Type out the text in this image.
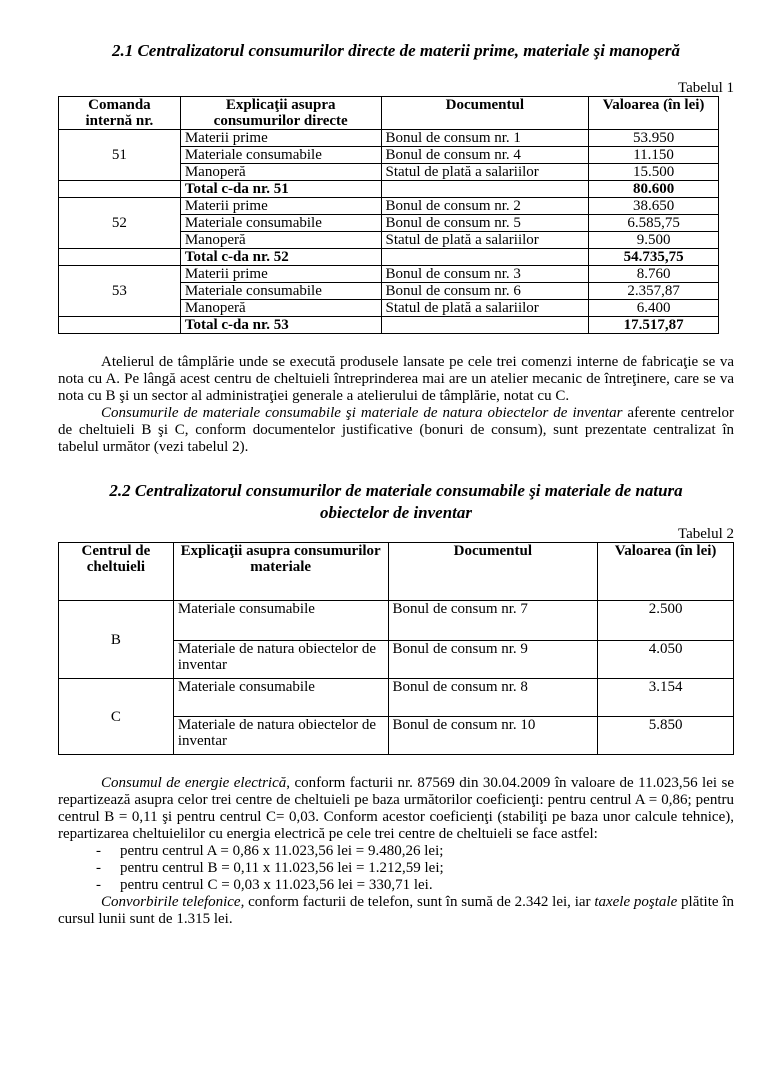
2.1 Centralizatorul consumurilor directe de materii prime, materiale şi manoperă
Tabelul 1
Comanda internă nr.	Explicaţii asupra consumurilor directe	Documentul	Valoarea (în lei)
51	Materii prime	Bonul de consum nr. 1	53.950
	Materiale consumabile	Bonul de consum nr. 4	11.150
	Manoperă	Statul de plată a salariilor	15.500
	Total c-da nr. 51		80.600
52	Materii prime	Bonul de consum nr. 2	38.650
	Materiale consumabile	Bonul de consum nr. 5	6.585,75
	Manoperă	Statul de plată a salariilor	9.500
	Total c-da nr. 52		54.735,75
53	Materii prime	Bonul de consum nr. 3	8.760
	Materiale consumabile	Bonul de consum nr. 6	2.357,87
	Manoperă	Statul de plată a salariilor	6.400
	Total c-da nr. 53		17.517,87

Atelierul de tâmplărie unde se execută produsele lansate pe cele trei comenzi interne de fabricaţie se va nota cu A. Pe lângă acest centru de cheltuieli întreprinderea mai are un atelier mecanic de întreţinere, care se va nota cu B şi un sector al administraţiei generale a atelierului de tâmplărie, notat cu C.

Consumurile de materiale consumabile şi materiale de natura obiectelor de inventar aferente centrelor de cheltuieli B şi C, conform documentelor justificative (bonuri de consum), sunt prezentate centralizat în tabelul următor (vezi tabelul 2).

2.2 Centralizatorul consumurilor de materiale consumabile şi materiale de natura obiectelor de inventar
Tabelul 2
Centrul de cheltuieli	Explicaţii asupra consumurilor materiale	Documentul	Valoarea (în lei)
B	Materiale consumabile	Bonul de consum nr. 7	2.500
	Materiale de natura obiectelor de inventar	Bonul de consum nr. 9	4.050
C	Materiale consumabile	Bonul de consum nr. 8	3.154
	Materiale de natura obiectelor de inventar	Bonul de consum nr. 10	5.850

Consumul de energie electrică, conform facturii nr. 87569 din 30.04.2009 în valoare de 11.023,56 lei se repartizează asupra celor trei centre de cheltuieli pe baza următorilor coeficienţi: pentru centrul A = 0,86; pentru centrul B = 0,11 şi pentru centrul C= 0,03. Conform acestor coeficienţi (stabiliţi pe baza unor calcule tehnice), repartizarea cheltuielilor cu energia electrică pe cele trei centre de cheltuieli se face astfel:

- pentru centrul A = 0,86 x 11.023,56 lei = 9.480,26 lei;
- pentru centrul B = 0,11 x 11.023,56 lei = 1.212,59 lei;
- pentru centrul C = 0,03 x 11.023,56 lei = 330,71 lei.

Convorbirile telefonice, conform facturii de telefon, sunt în sumă de 2.342 lei, iar taxele poştale plătite în cursul lunii sunt de 1.315 lei.
